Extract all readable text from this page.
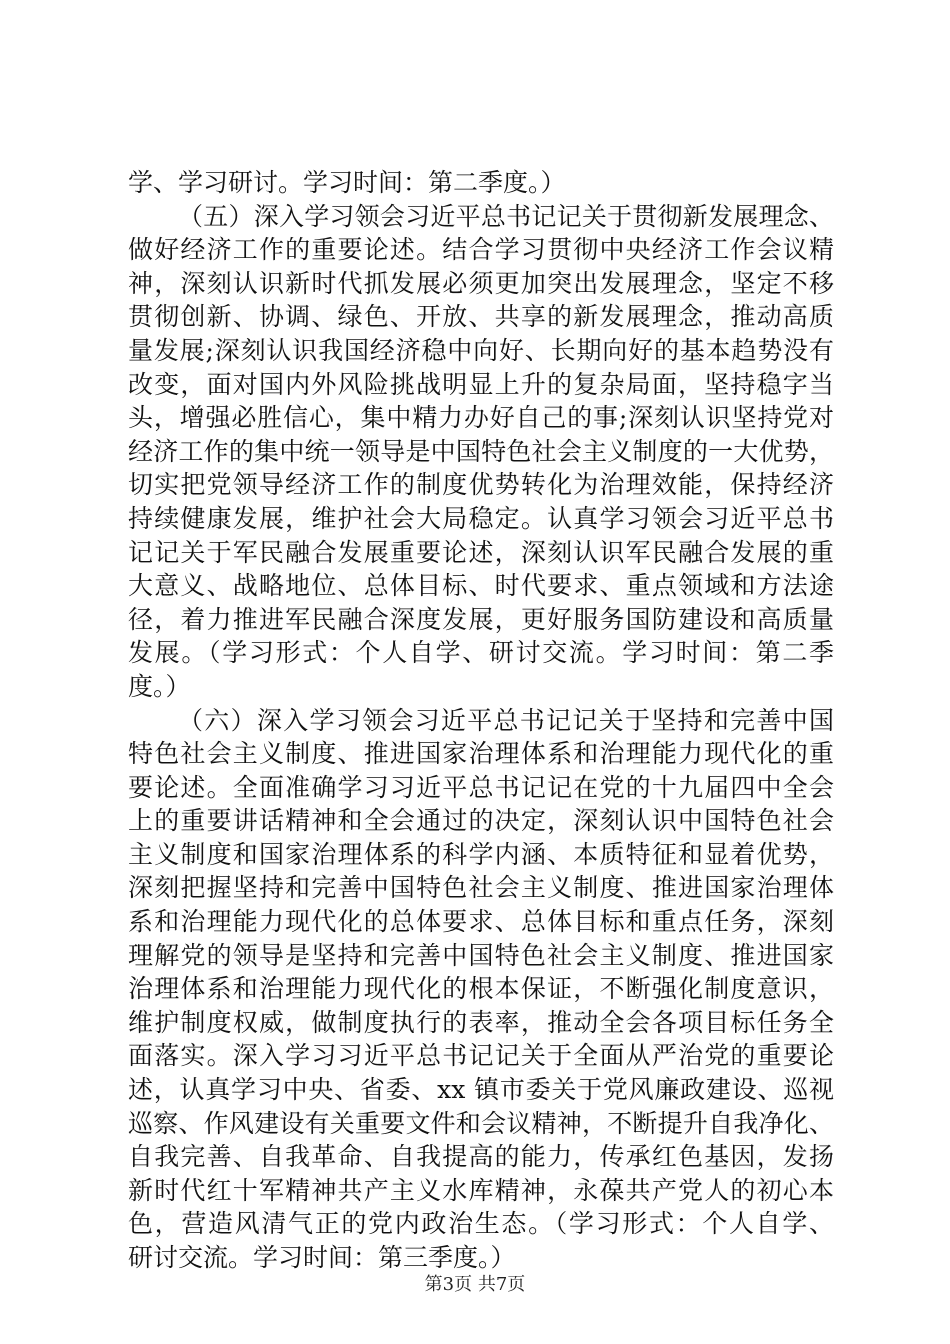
学、学习研讨。学习时间：第二季度。）
（五）深入学习领会习近平总书记记关于贯彻新发展理念、
做好经济工作的重要论述。结合学习贯彻中央经济工作会议精
神，深刻认识新时代抓发展必须更加突出发展理念，坚定不移
贯彻创新、协调、绿色、开放、共享的新发展理念，推动高质
量发展;深刻认识我国经济稳中向好、长期向好的基本趋势没有
改变，面对国内外风险挑战明显上升的复杂局面，坚持稳字当
头，增强必胜信心，集中精力办好自己的事;深刻认识坚持党对
经济工作的集中统一领导是中国特色社会主义制度的一大优势，
切实把党领导经济工作的制度优势转化为治理效能，保持经济
持续健康发展，维护社会大局稳定。认真学习领会习近平总书
记记关于军民融合发展重要论述，深刻认识军民融合发展的重
大意义、战略地位、总体目标、时代要求、重点领域和方法途
径，着力推进军民融合深度发展，更好服务国防建设和高质量
发展。（学习形式：个人自学、研讨交流。学习时间：第二季
度。）
（六）深入学习领会习近平总书记记关于坚持和完善中国
特色社会主义制度、推进国家治理体系和治理能力现代化的重
要论述。全面准确学习习近平总书记记在党的十九届四中全会
上的重要讲话精神和全会通过的决定，深刻认识中国特色社会
主义制度和国家治理体系的科学内涵、本质特征和显着优势，
深刻把握坚持和完善中国特色社会主义制度、推进国家治理体
系和治理能力现代化的总体要求、总体目标和重点任务，深刻
理解党的领导是坚持和完善中国特色社会主义制度、推进国家
治理体系和治理能力现代化的根本保证，不断强化制度意识，
维护制度权威，做制度执行的表率，推动全会各项目标任务全
面落实。深入学习习近平总书记记关于全面从严治党的重要论
述，认真学习中央、省委、xx 镇市委关于党风廉政建设、巡视
巡察、作风建设有关重要文件和会议精神，不断提升自我净化、
自我完善、自我革命、自我提高的能力，传承红色基因，发扬
新时代红十军精神共产主义水库精神，永葆共产党人的初心本
色，营造风清气正的党内政治生态。（学习形式：个人自学、
研讨交流。学习时间：第三季度。）
第3页 共7页
